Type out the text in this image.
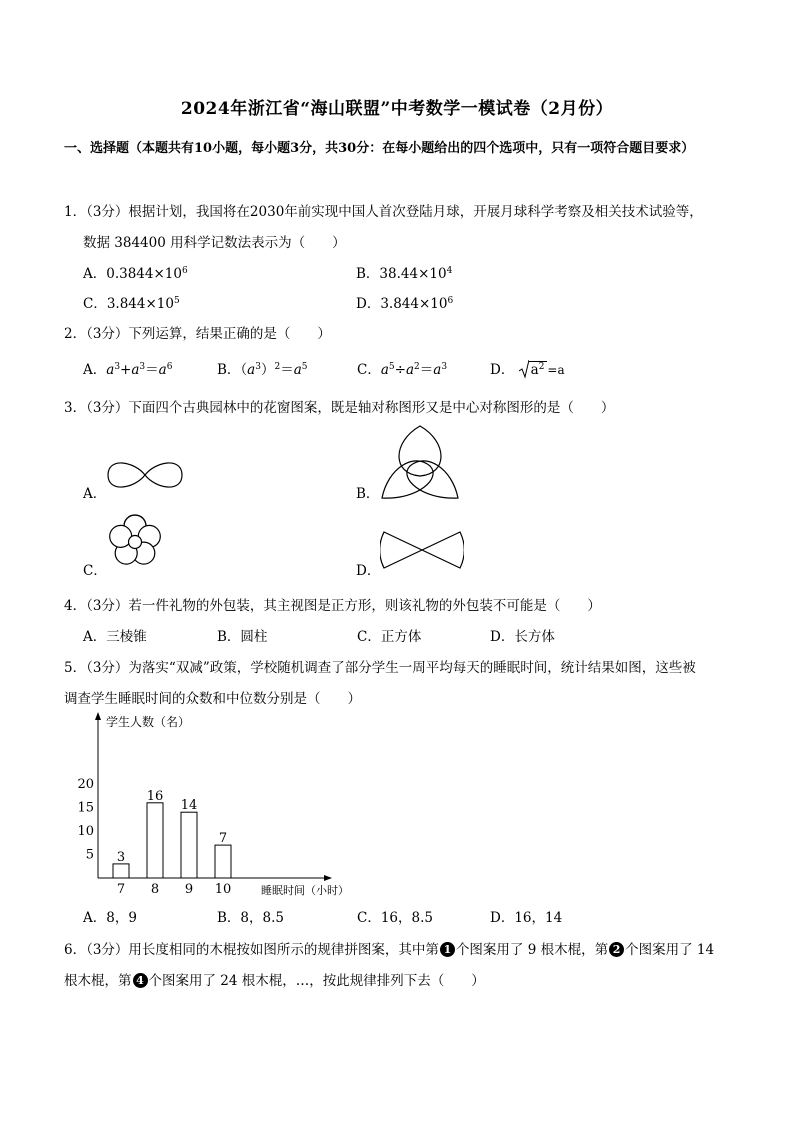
2024年浙江省“海山联盟”中考数学一模试卷（2月份）
一、选择题（本题共有10小题，每小题3分，共30分：在每小题给出的四个选项中，只有一项符合题目要求）
1．（3分）根据计划，我国将在2030年前实现中国人首次登陆月球，开展月球科学考察及相关技术试验等，
数据 384400 用科学记数法表示为（　　）
A．$0.3844\times 10^6$	B．$38.44\times 10^4$
C．$3.844\times 10^5$	D．$3.844\times 10^6$
2．（3分）下列运算，结果正确的是（　　）
A．$a^3+a^3=a^6$	B．$(a^3)^2=a^5$	C．$a^5\div a^2=a^3$	D． $a^2 =a$
3．（3分）下面四个古典园林中的花窗图案，既是轴对称图形又是中心对称图形的是（　　）
A．	B．
C．	D．
4．（3分）若一件礼物的外包装，其主视图是正方形，则该礼物的外包装不可能是（　　）
A．三棱锥	B．圆柱	C．正方体	D．长方体
5．（3分）为落实“双减”政策，学校随机调查了部分学生一周平均每天的睡眠时间，统计结果如图，这些被
调查学生睡眠时间的众数和中位数分别是（　　）
学生人数（名）
睡眠时间（小时）
5
10
15
20
3
7
16
8
14
9
7
10
A．8，9	B．8，8.5	C．16，8.5	D．16，14
6．（3分）用长度相同的木棍按如图所示的规律拼图案，其中第 1 个图案用了 9 根木棍，第 2 个图案用了 14
根木棍，第 4 个图案用了 24 根木棍，…，按此规律排列下去（　　）
